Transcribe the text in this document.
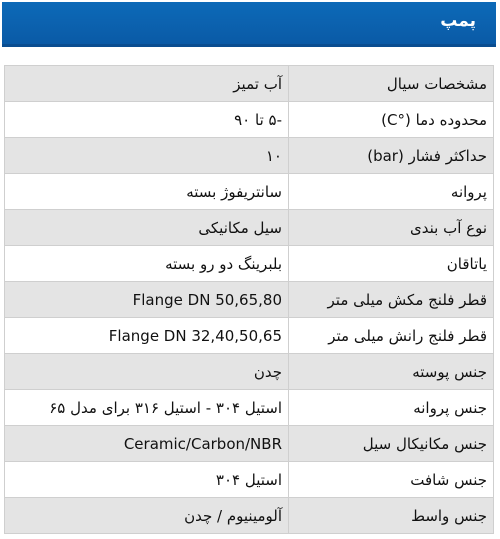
پمپ
مشخصات سیال	آب تمیز
محدوده دما (°C)	-۵ تا ۹۰
حداکثر فشار (bar)	۱۰
پروانه	سانتریفوژ بسته
نوع آب بندی	سیل مکانیکی
یاتاقان	بلبرینگ دو رو بسته
قطر فلنج مکش میلی متر	Flange DN 50,65,80
قطر فلنج رانش میلی متر	Flange DN 32,40,50,65
جنس پوسته	چدن
جنس پروانه	استیل ۳۰۴ - استیل ۳۱۶ برای مدل ۶۵
جنس مکانیکال سیل	Ceramic/Carbon/NBR
جنس شافت	استیل ۳۰۴
جنس واسط	آلومینیوم / چدن
